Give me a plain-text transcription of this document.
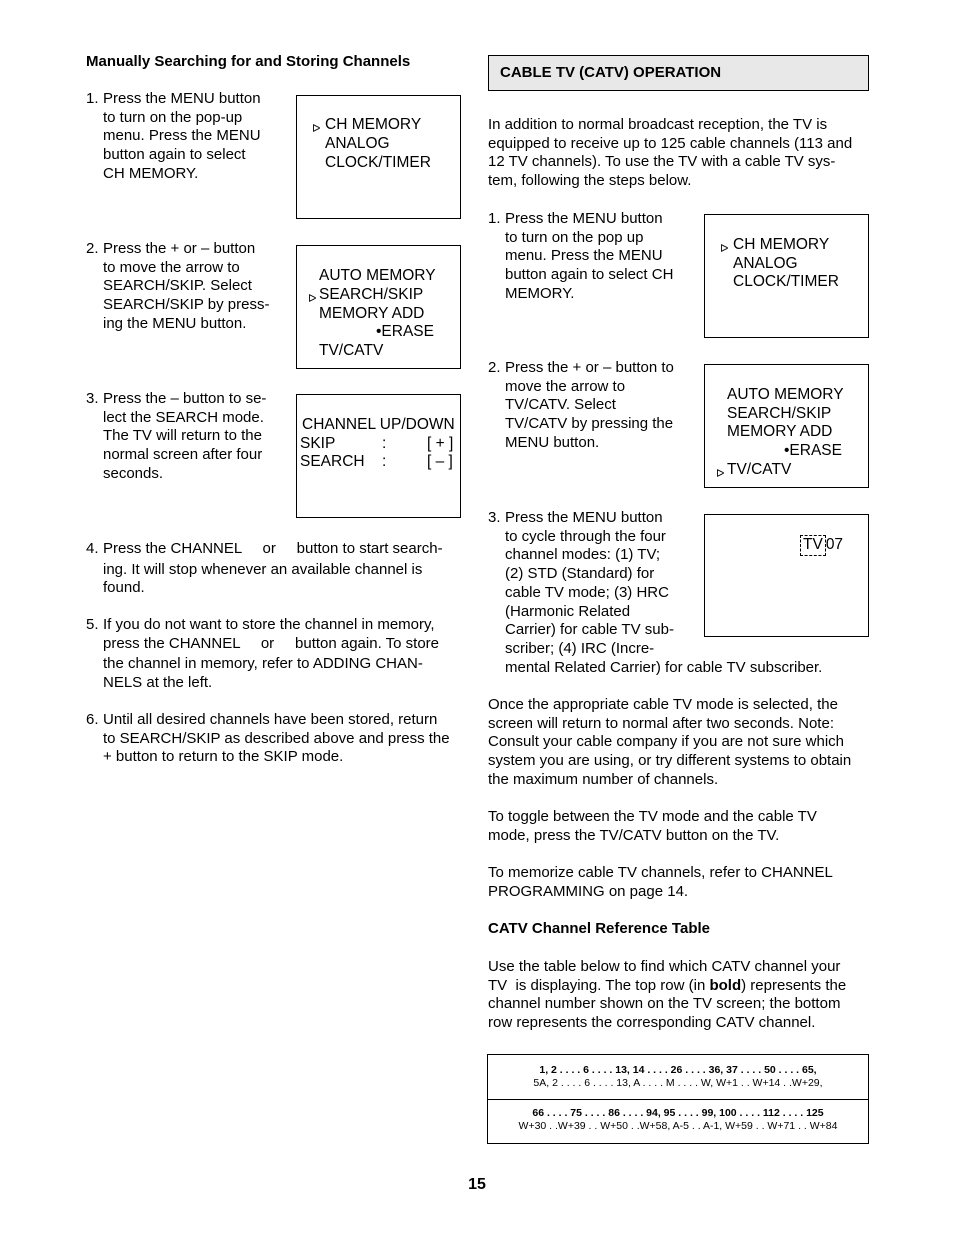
Manually Searching for and Storing Channels
1. Press the MENU button
to turn on the pop-up
menu. Press the MENU
button again to select
CH MEMORY.
ᐅ CH MEMORY
ANALOG
CLOCK/TIMER
2. Press the + or – button
to move the arrow to
SEARCH/SKIP. Select
SEARCH/SKIP by press-
ing the MENU button.
AUTO MEMORY
ᐅ SEARCH/SKIP
MEMORY ADD
•ERASE
TV/CATV
3. Press the – button to se-
lect the SEARCH mode.
The TV will return to the
normal screen after four
seconds.
CHANNEL UP/DOWN
SKIP	:	[ + ]
SEARCH :	[ – ]
4. Press the CHANNEL     or     button to start search-
ing. It will stop whenever an available channel is
found.
5. If you do not want to store the channel in memory,
press the CHANNEL     or     button again. To store
the channel in memory, refer to ADDING CHAN-
NELS at the left.
6. Until all desired channels have been stored, return
to SEARCH/SKIP as described above and press the
+ button to return to the SKIP mode.
CABLE TV (CATV) OPERATION
In addition to normal broadcast reception, the TV is
equipped to receive up to 125 cable channels (113 and
12 TV channels). To use the TV with a cable TV sys-
tem, following the steps below.
1. Press the MENU button
to turn on the pop up
menu. Press the MENU
button again to select CH
MEMORY.
ᐅ CH MEMORY
ANALOG
CLOCK/TIMER
2. Press the + or – button to
move the arrow to
TV/CATV. Select
TV/CATV by pressing the
MENU button.
AUTO MEMORY
SEARCH/SKIP
MEMORY ADD
•ERASE
ᐅ TV/CATV
3. Press the MENU button
to cycle through the four
channel modes: (1) TV;
(2) STD (Standard) for
cable TV mode; (3) HRC
(Harmonic Related
Carrier) for cable TV sub-
scriber; (4) IRC (Incre-
mental Related Carrier) for cable TV subscriber.
TV 07
Once the appropriate cable TV mode is selected, the
screen will return to normal after two seconds. Note:
Consult your cable company if you are not sure which
system you are using, or try different systems to obtain
the maximum number of channels.
To toggle between the TV mode and the cable TV
mode, press the TV/CATV button on the TV.
To memorize cable TV channels, refer to CHANNEL
PROGRAMMING on page 14.
CATV Channel Reference Table
Use the table below to find which CATV channel your
TV  is displaying. The top row (in bold) represents the
channel number shown on the TV screen; the bottom
row represents the corresponding CATV channel.
1, 2 . . . . 6 . . . . 13, 14 . . . . 26 . . . . 36, 37 . . . . 50 . . . . 65,
5A, 2 . . . . 6 . . . . 13, A . . . . M . . . . W, W+1 . . W+14 . .W+29,
66 . . . . 75 . . . . 86 . . . . 94, 95 . . . . 99, 100 . . . . 112 . . . . 125
W+30 . .W+39 . . W+50 . .W+58, A-5 . . A-1, W+59 . . W+71 . . W+84
15
